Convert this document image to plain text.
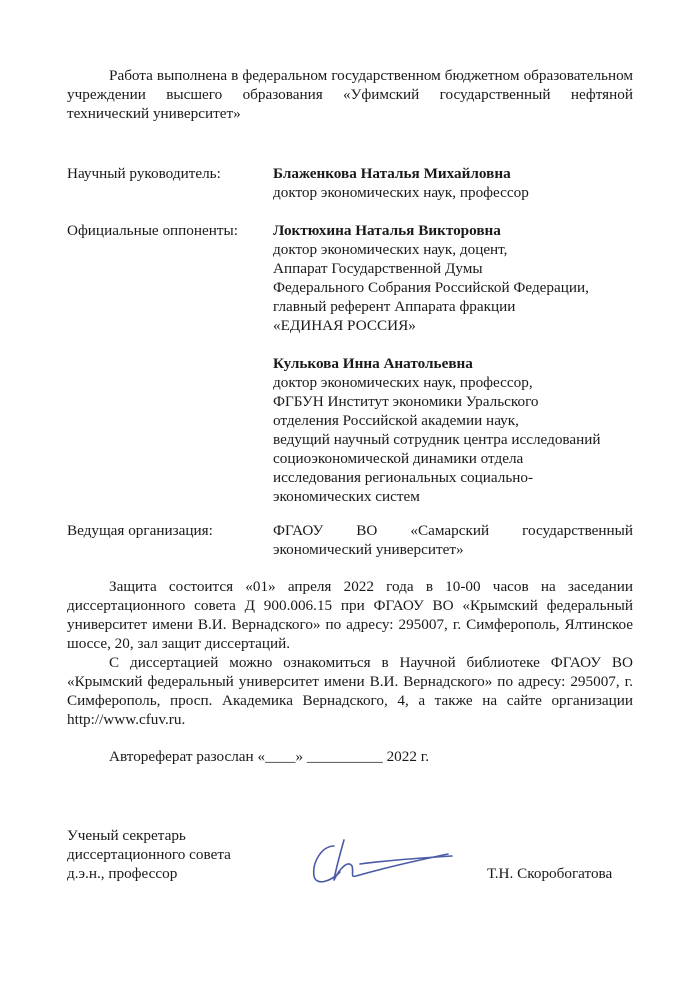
Работа выполнена в федеральном государственном бюджетном образовательном учреждении высшего образования «Уфимский государственный нефтяной технический университет»

Научный руководитель:	Блаженкова Наталья Михайловна
доктор экономических наук, профессор
Официальные оппоненты: Локтюхина Наталья Викторовна
доктор экономических наук, доцент,
Аппарат Государственной Думы
Федерального Собрания Российской Федерации,
главный референт Аппарата фракции
«ЕДИНАЯ РОССИЯ»
Кулькова Инна Анатольевна
доктор экономических наук, профессор,
ФГБУН Институт экономики Уральского
отделения Российской академии наук,
ведущий научный сотрудник центра исследований
социоэкономической динамики отдела
исследования региональных социально-
экономических систем
Ведущая организация:	ФГАОУ ВО «Самарский государственный экономический университет»

Защита состоится «01» апреля 2022 года в 10-00 часов на заседании диссертационного совета Д 900.006.15 при ФГАОУ ВО «Крымский федеральный университет имени В.И. Вернадского» по адресу: 295007, г. Симферополь, Ялтинское шоссе, 20, зал защит диссертаций.

С диссертацией можно ознакомиться в Научной библиотеке ФГАОУ ВО «Крымский федеральный университет имени В.И. Вернадского» по адресу: 295007, г. Симферополь, просп. Академика Вернадского, 4, а также на сайте организации http://www.cfuv.ru.

Автореферат разослан «____» __________ 2022 г.
Ученый секретарь
диссертационного совета
д.э.н., профессор	Т.Н. Скоробогатова
